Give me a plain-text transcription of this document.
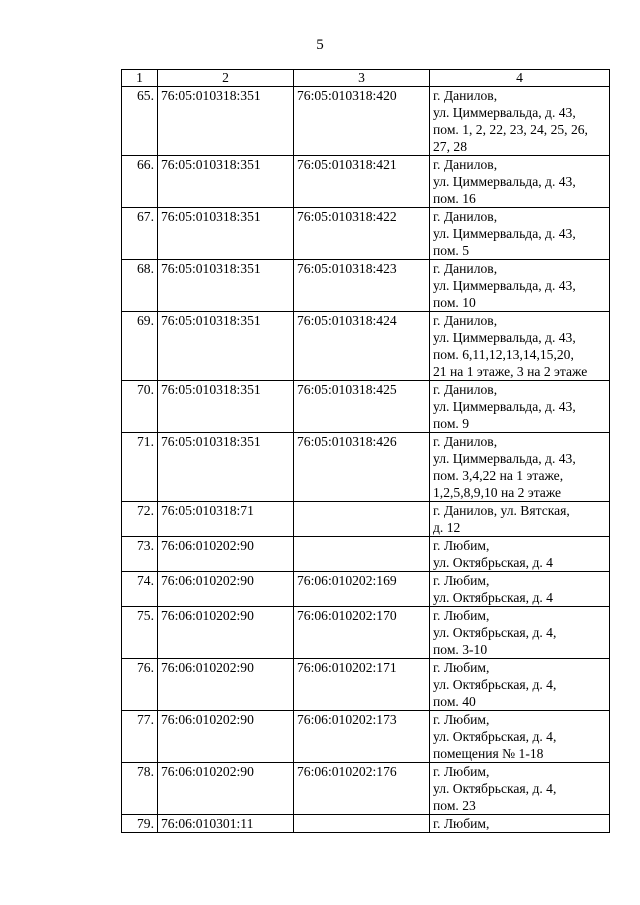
5
1	2	3	4
65.	76:05:010318:351	76:05:010318:420	г. Данилов,
ул. Циммервальда, д. 43,
пом. 1, 2, 22, 23, 24, 25, 26,
27, 28

66.	76:05:010318:351	76:05:010318:421	г. Данилов,
ул. Циммервальда, д. 43,
пом. 16

67.	76:05:010318:351	76:05:010318:422	г. Данилов,
ул. Циммервальда, д. 43,
пом. 5

68.	76:05:010318:351	76:05:010318:423	г. Данилов,
ул. Циммервальда, д. 43,
пом. 10

69.	76:05:010318:351	76:05:010318:424	г. Данилов,
ул. Циммервальда, д. 43,
пом. 6,11,12,13,14,15,20,
21 на 1 этаже, 3 на 2 этаже

70.	76:05:010318:351	76:05:010318:425	г. Данилов,
ул. Циммервальда, д. 43,
пом. 9

71.	76:05:010318:351	76:05:010318:426	г. Данилов,
ул. Циммервальда, д. 43,
пом. 3,4,22 на 1 этаже,
1,2,5,8,9,10 на 2 этаже

72.	76:05:010318:71		г. Данилов, ул. Вятская,
д. 12

73.	76:06:010202:90		г. Любим,
ул. Октябрьская, д. 4

74.	76:06:010202:90	76:06:010202:169	г. Любим,
ул. Октябрьская, д. 4

75.	76:06:010202:90	76:06:010202:170	г. Любим,
ул. Октябрьская, д. 4,
пом. 3-10

76.	76:06:010202:90	76:06:010202:171	г. Любим,
ул. Октябрьская, д. 4,
пом. 40

77.	76:06:010202:90	76:06:010202:173	г. Любим,
ул. Октябрьская, д. 4,
помещения № 1-18

78.	76:06:010202:90	76:06:010202:176	г. Любим,
ул. Октябрьская, д. 4,
пом. 23

79.	76:06:010301:11		г. Любим,
